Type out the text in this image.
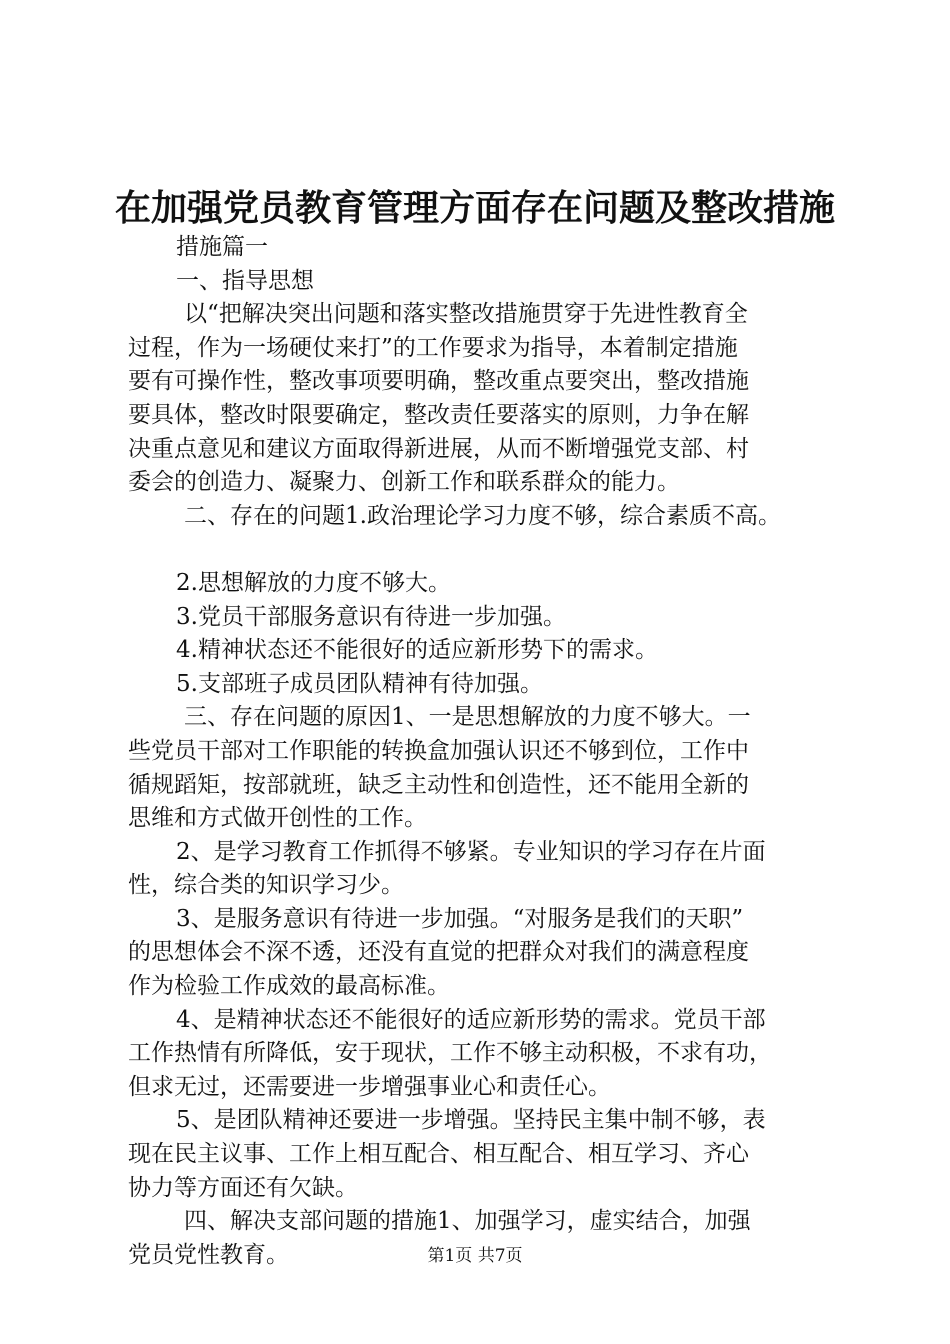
在加强党员教育管理方面存在问题及整改措施
措施篇一
一、指导思想
以“把解决突出问题和落实整改措施贯穿于先进性教育全
过程，作为一场硬仗来打”的工作要求为指导，本着制定措施
要有可操作性，整改事项要明确，整改重点要突出，整改措施
要具体，整改时限要确定，整改责任要落实的原则，力争在解
决重点意见和建议方面取得新进展，从而不断增强党支部、村
委会的创造力、凝聚力、创新工作和联系群众的能力。
二、存在的问题1.政治理论学习力度不够，综合素质不高。
2.思想解放的力度不够大。
3.党员干部服务意识有待进一步加强。
4.精神状态还不能很好的适应新形势下的需求。
5.支部班子成员团队精神有待加强。
三、存在问题的原因1、一是思想解放的力度不够大。一
些党员干部对工作职能的转换盒加强认识还不够到位，工作中
循规蹈矩，按部就班，缺乏主动性和创造性，还不能用全新的
思维和方式做开创性的工作。
2、是学习教育工作抓得不够紧。专业知识的学习存在片面
性，综合类的知识学习少。
3、是服务意识有待进一步加强。“对服务是我们的天职”
的思想体会不深不透，还没有直觉的把群众对我们的满意程度
作为检验工作成效的最高标准。
4、是精神状态还不能很好的适应新形势的需求。党员干部
工作热情有所降低，安于现状，工作不够主动积极，不求有功，
但求无过，还需要进一步增强事业心和责任心。
5、是团队精神还要进一步增强。坚持民主集中制不够，表
现在民主议事、工作上相互配合、相互配合、相互学习、齐心
协力等方面还有欠缺。
四、解决支部问题的措施1、加强学习，虚实结合，加强
党员党性教育。	第1页 共7页
